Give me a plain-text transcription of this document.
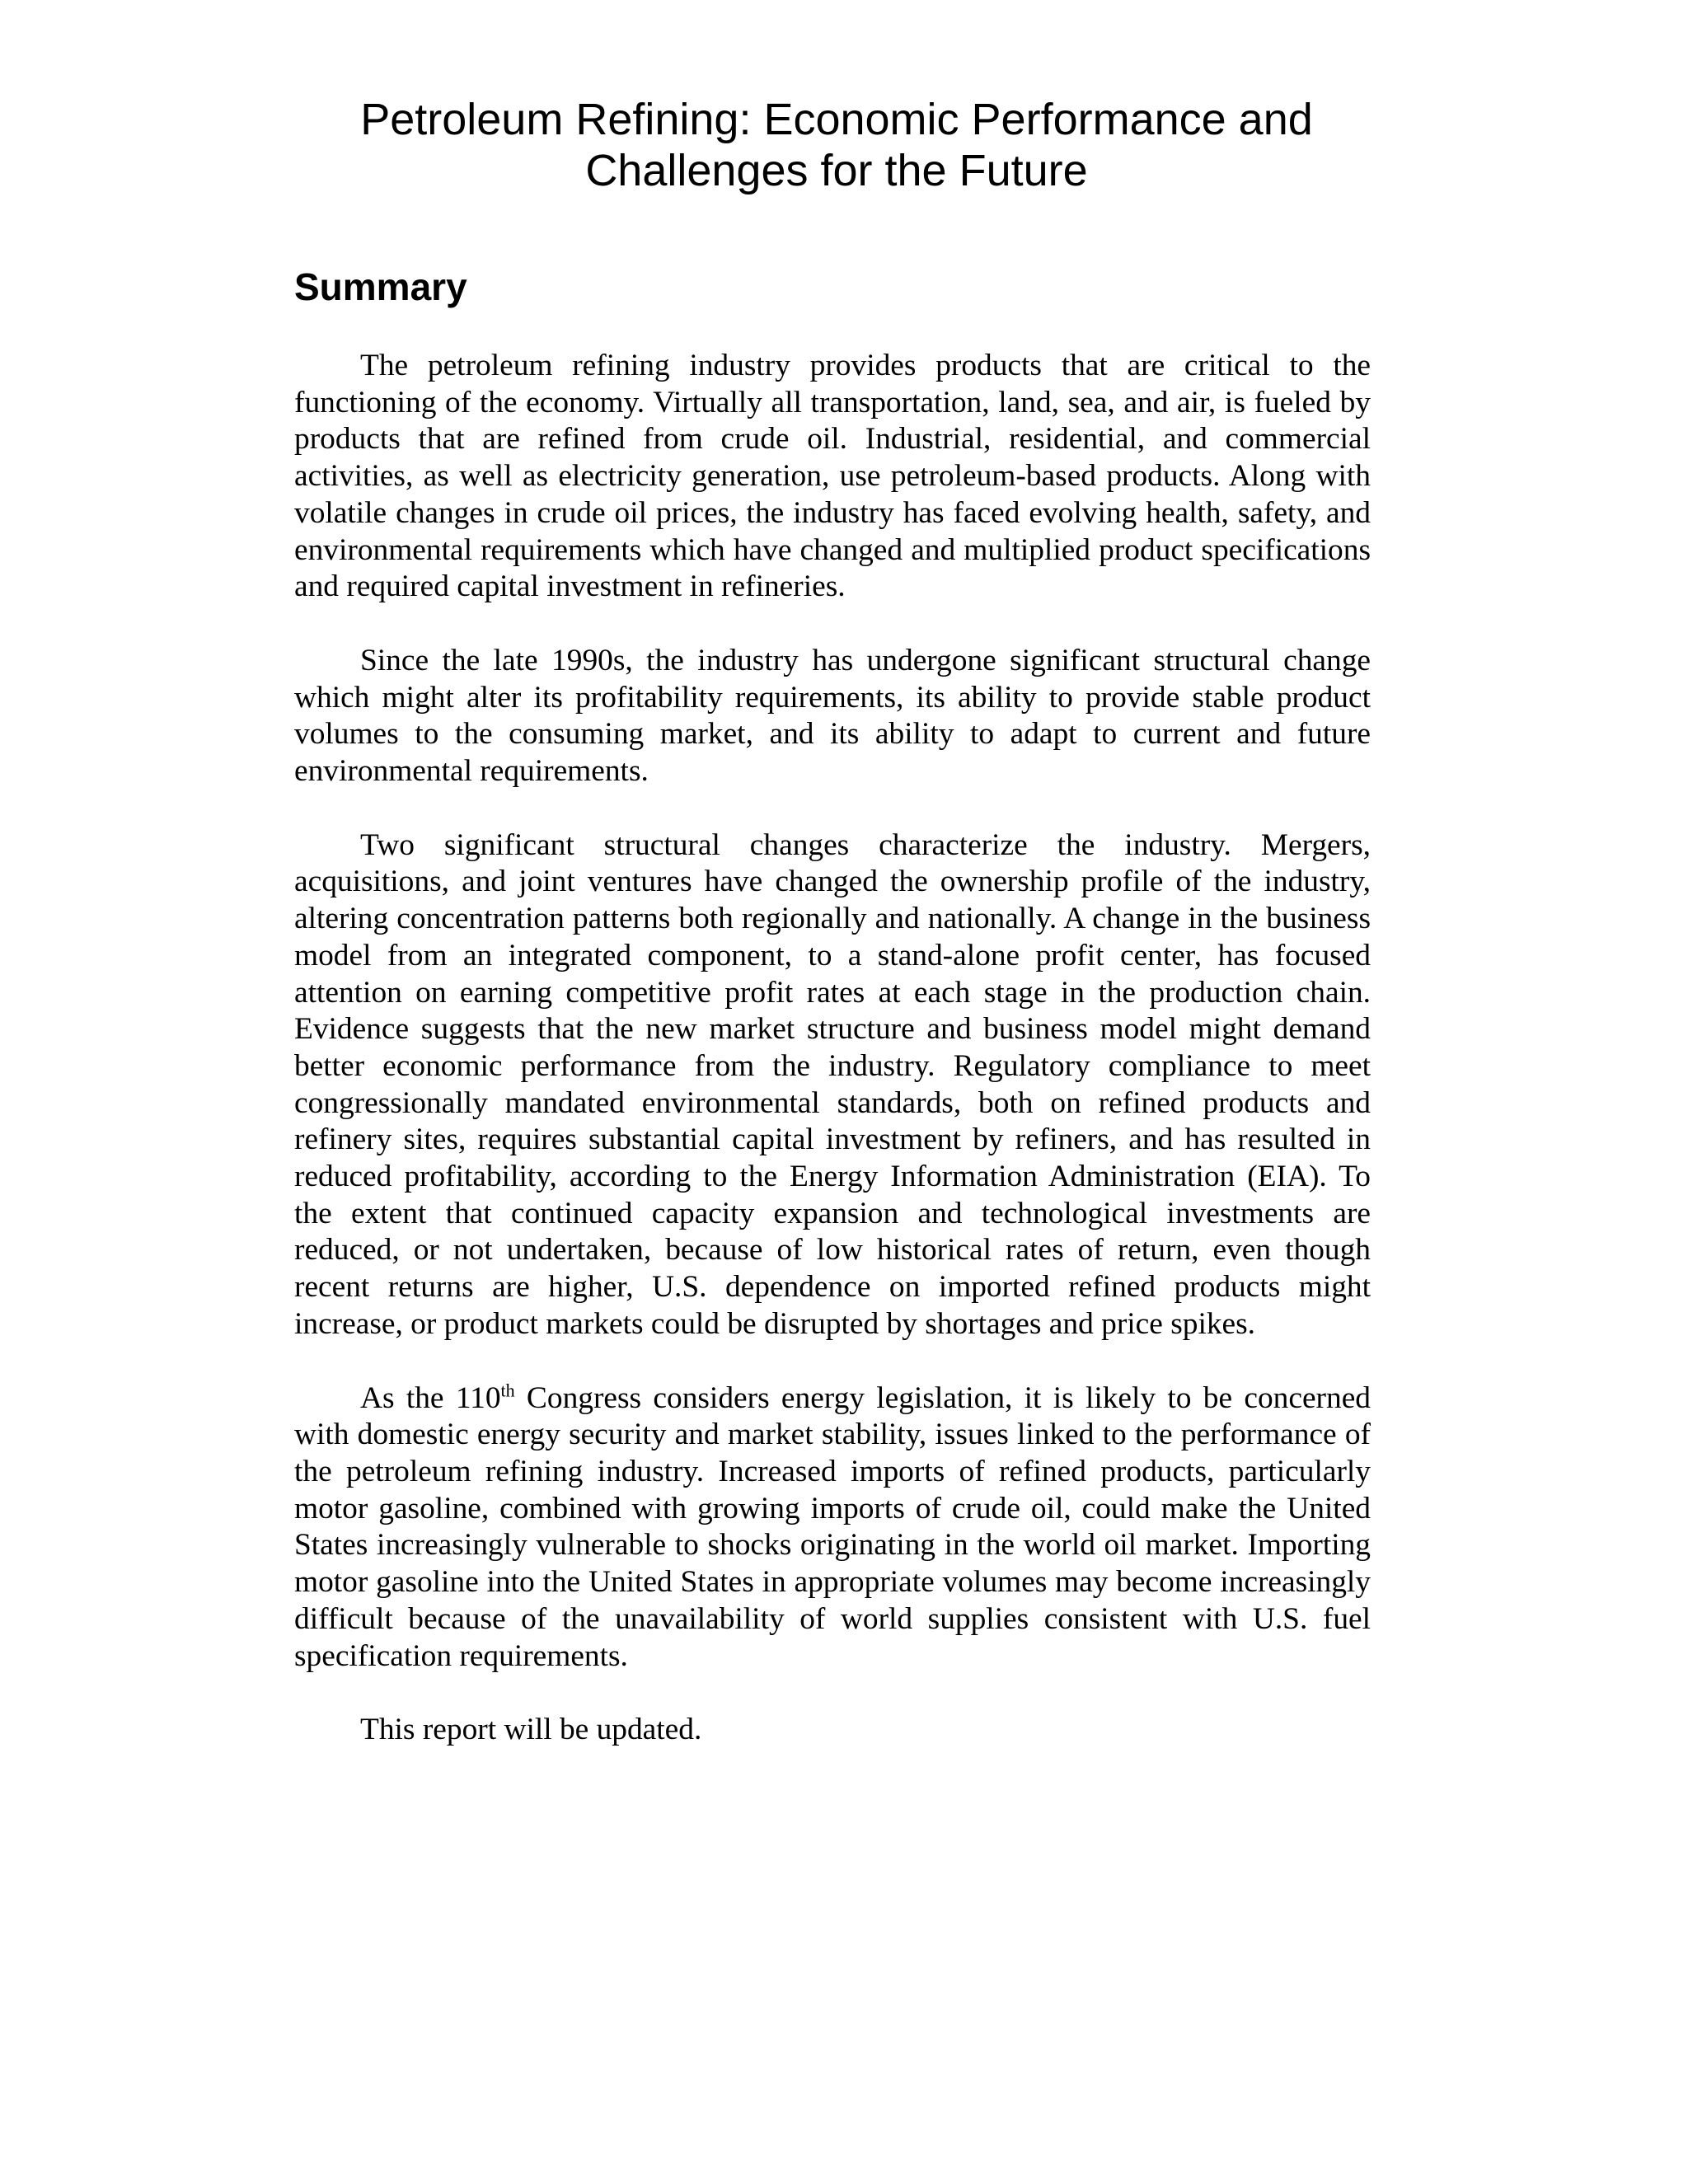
Petroleum Refining: Economic Performance and
Challenges for the Future
Summary

The petroleum refining industry provides products that are critical to the functioning of the economy. Virtually all transportation, land, sea, and air, is fueled by products that are refined from crude oil. Industrial, residential, and commercial activities, as well as electricity generation, use petroleum-based products. Along with volatile changes in crude oil prices, the industry has faced evolving health, safety, and environmental requirements which have changed and multiplied product specifications and required capital investment in refineries.

Since the late 1990s, the industry has undergone significant structural change which might alter its profitability requirements, its ability to provide stable product volumes to the consuming market, and its ability to adapt to current and future environmental requirements.

Two significant structural changes characterize the industry. Mergers, acquisitions, and joint ventures have changed the ownership profile of the industry, altering concentration patterns both regionally and nationally. A change in the business model from an integrated component, to a stand-alone profit center, has focused attention on earning competitive profit rates at each stage in the production chain. Evidence suggests that the new market structure and business model might demand better economic performance from the industry. Regulatory compliance to meet congressionally mandated environmental standards, both on refined products and refinery sites, requires substantial capital investment by refiners, and has resulted in reduced profitability, according to the Energy Information Administration (EIA). To the extent that continued capacity expansion and technological investments are reduced, or not undertaken, because of low historical rates of return, even though recent returns are higher, U.S. dependence on imported refined products might increase, or product markets could be disrupted by shortages and price spikes.

As the 110th Congress considers energy legislation, it is likely to be concerned with domestic energy security and market stability, issues linked to the performance of the petroleum refining industry. Increased imports of refined products, particularly motor gasoline, combined with growing imports of crude oil, could make the United States increasingly vulnerable to shocks originating in the world oil market. Importing motor gasoline into the United States in appropriate volumes may become increasingly difficult because of the unavailability of world supplies consistent with U.S. fuel specification requirements.

This report will be updated.
